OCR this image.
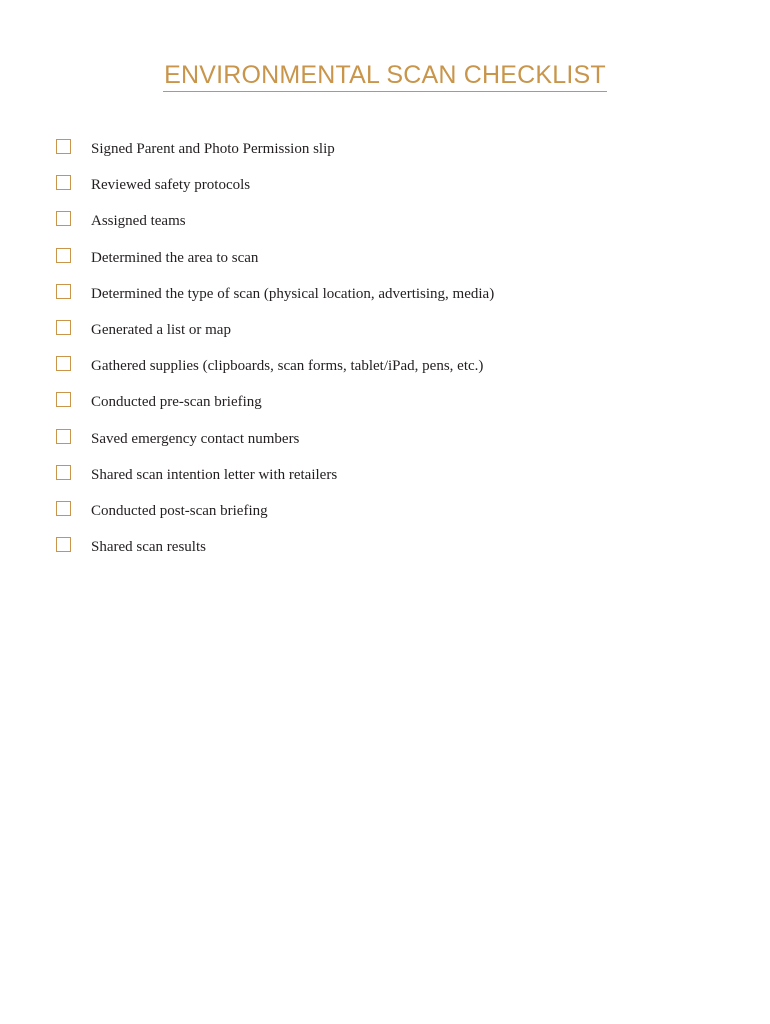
ENVIRONMENTAL SCAN CHECKLIST
Signed Parent and Photo Permission slip
Reviewed safety protocols
Assigned teams
Determined the area to scan
Determined the type of scan (physical location, advertising, media)
Generated a list or map
Gathered supplies (clipboards, scan forms, tablet/iPad, pens, etc.)
Conducted pre-scan briefing
Saved emergency contact numbers
Shared scan intention letter with retailers
Conducted post-scan briefing
Shared scan results
